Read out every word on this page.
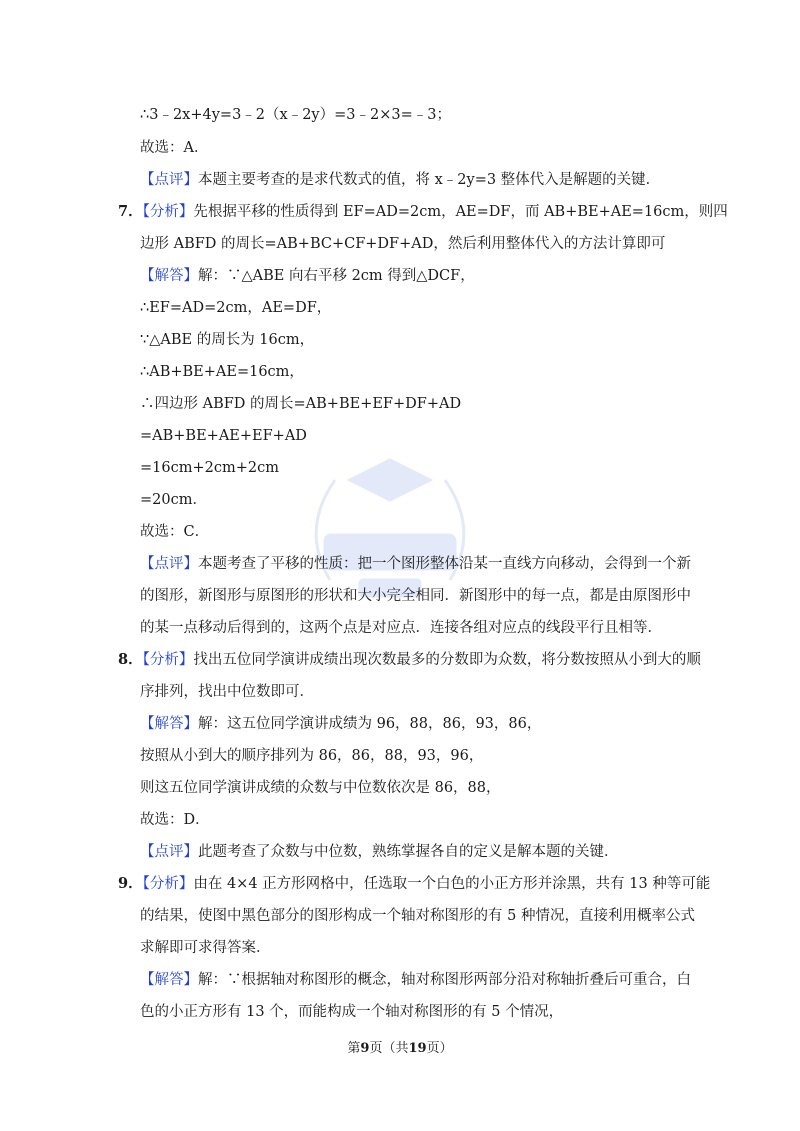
∴3﹣2x+4y=3﹣2（x﹣2y）=3﹣2×3=﹣3；
故选：A．
【点评】本题主要考查的是求代数式的值，将 x﹣2y=3 整体代入是解题的关键．
7．【分析】先根据平移的性质得到 EF=AD=2cm，AE=DF，而 AB+BE+AE=16cm，则四
边形 ABFD 的周长=AB+BC+CF+DF+AD，然后利用整体代入的方法计算即可
【解答】解：∵△ABE 向右平移 2cm 得到△DCF，
∴EF=AD=2cm，AE=DF，
∵△ABE 的周长为 16cm，
∴AB+BE+AE=16cm，
∴四边形 ABFD 的周长=AB+BE+EF+DF+AD
=AB+BE+AE+EF+AD
=16cm+2cm+2cm
=20cm．
故选：C．
【点评】本题考查了平移的性质：把一个图形整体沿某一直线方向移动，会得到一个新
的图形，新图形与原图形的形状和大小完全相同．新图形中的每一点，都是由原图形中
的某一点移动后得到的，这两个点是对应点．连接各组对应点的线段平行且相等．
8．【分析】找出五位同学演讲成绩出现次数最多的分数即为众数，将分数按照从小到大的顺
序排列，找出中位数即可．
【解答】解：这五位同学演讲成绩为 96，88，86，93，86，
按照从小到大的顺序排列为 86，86，88，93，96，
则这五位同学演讲成绩的众数与中位数依次是 86，88，
故选：D．
【点评】此题考查了众数与中位数，熟练掌握各自的定义是解本题的关键．
9．【分析】由在 4×4 正方形网格中，任选取一个白色的小正方形并涂黑，共有 13 种等可能
的结果，使图中黑色部分的图形构成一个轴对称图形的有 5 种情况，直接利用概率公式
求解即可求得答案．
【解答】解：∵根据轴对称图形的概念，轴对称图形两部分沿对称轴折叠后可重合，白
色的小正方形有 13 个，而能构成一个轴对称图形的有 5 个情况，
第9页（共19页）
